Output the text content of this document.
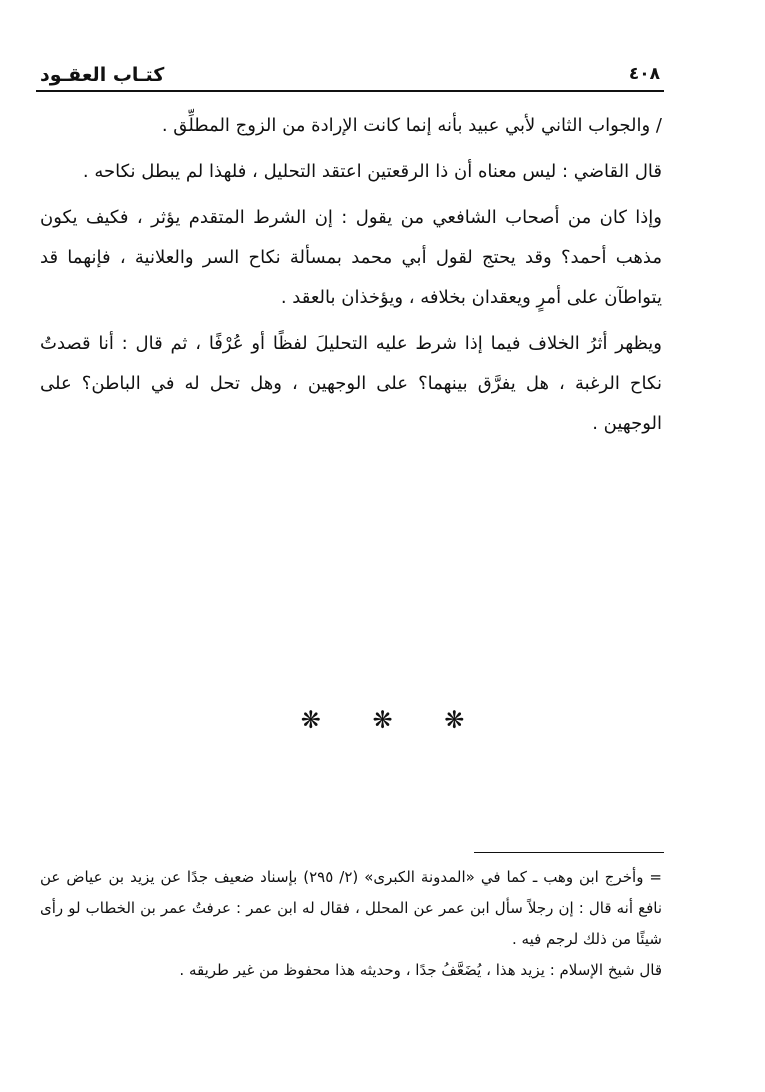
٤٠٨
كتـاب العقـود

/ والجواب الثاني لأبي عبيد بأنه إنما كانت الإرادة من الزوج المطلِّق .

قال القاضي : ليس معناه أن ذا الرقعتين اعتقد التحليل ، فلهذا لم يبطل نكاحه .

وإذا كان من أصحاب الشافعي من يقول : إن الشرط المتقدم يؤثر ، فكيف يكون مذهب أحمد؟ وقد يحتج لقول أبي محمد بمسألة نكاح السر والعلانية ، فإنهما قد يتواطآن على أمرٍ ويعقدان بخلافه ، ويؤخذان بالعقد .

ويظهر أثرُ الخلاف فيما إذا شرط عليه التحليلَ لفظًا أو عُرْفًا ، ثم قال : أنا قصدتُ نكاح الرغبة ، هل يفرَّق بينهما؟ على الوجهين ، وهل تحل له في الباطن؟ على الوجهين .

❋ ❋ ❋

= وأخرج ابن وهب ـ كما في «المدونة الكبرى» (٢/ ٢٩٥) بإسناد ضعيف جدًا عن يزيد بن عياض عن نافع أنه قال : إن رجلاً سأل ابن عمر عن المحلل ، فقال له ابن عمر : عرفتُ عمر بن الخطاب لو رأى شيئًا من ذلك لرجم فيه .

قال شيخ الإسلام : يزيد هذا ، يُضَعَّفُ جدًا ، وحديثه هذا محفوظ من غير طريقه .
